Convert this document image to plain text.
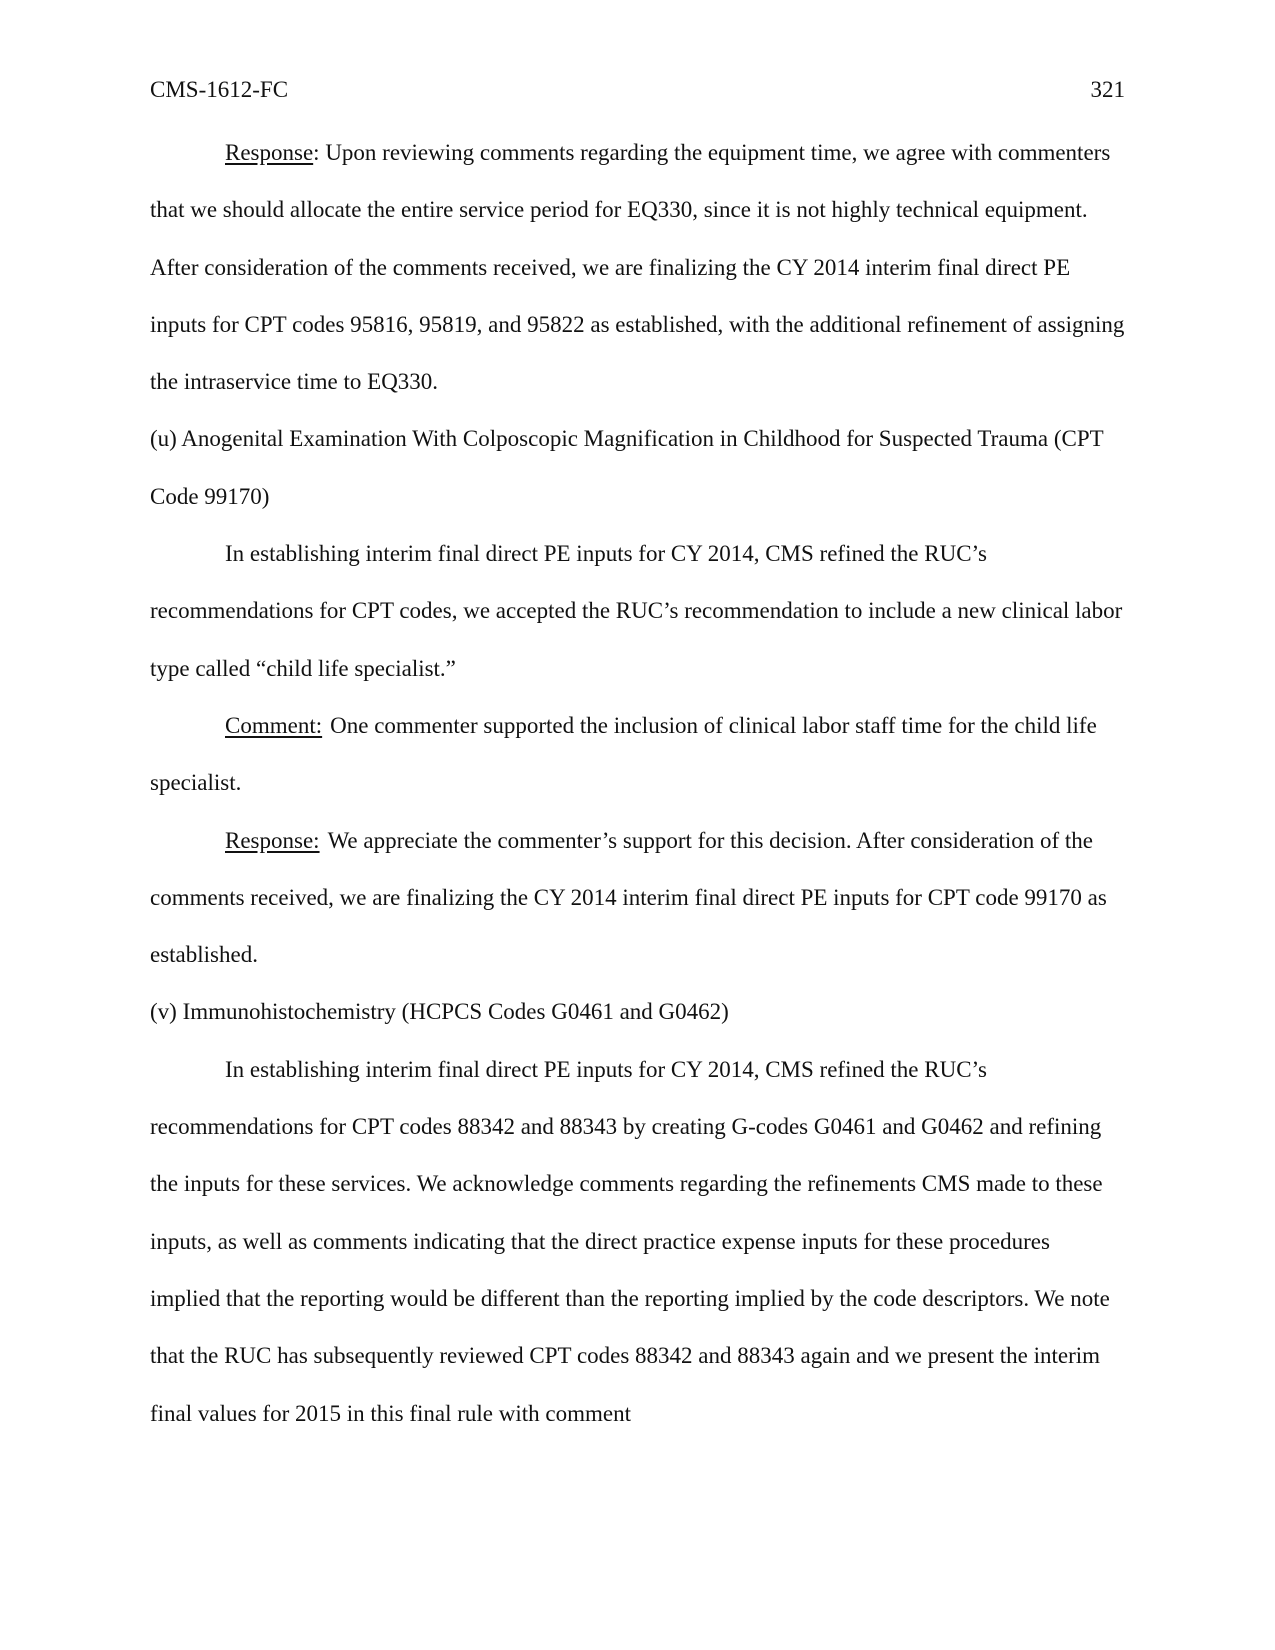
CMS-1612-FC	321

Response: Upon reviewing comments regarding the equipment time, we agree with commenters that we should allocate the entire service period for EQ330, since it is not highly technical equipment. After consideration of the comments received, we are finalizing the CY 2014 interim final direct PE inputs for CPT codes 95816, 95819, and 95822 as established, with the additional refinement of assigning the intraservice time to EQ330.

(u) Anogenital Examination With Colposcopic Magnification in Childhood for Suspected Trauma (CPT Code 99170)

In establishing interim final direct PE inputs for CY 2014, CMS refined the RUC’s recommendations for CPT codes, we accepted the RUC’s recommendation to include a new clinical labor type called “child life specialist.”

Comment: One commenter supported the inclusion of clinical labor staff time for the child life specialist.

Response: We appreciate the commenter’s support for this decision. After consideration of the comments received, we are finalizing the CY 2014 interim final direct PE inputs for CPT code 99170 as established.

(v) Immunohistochemistry (HCPCS Codes G0461 and G0462)

In establishing interim final direct PE inputs for CY 2014, CMS refined the RUC’s recommendations for CPT codes 88342 and 88343 by creating G-codes G0461 and G0462 and refining the inputs for these services. We acknowledge comments regarding the refinements CMS made to these inputs, as well as comments indicating that the direct practice expense inputs for these procedures implied that the reporting would be different than the reporting implied by the code descriptors. We note that the RUC has subsequently reviewed CPT codes 88342 and 88343 again and we present the interim final values for 2015 in this final rule with comment
